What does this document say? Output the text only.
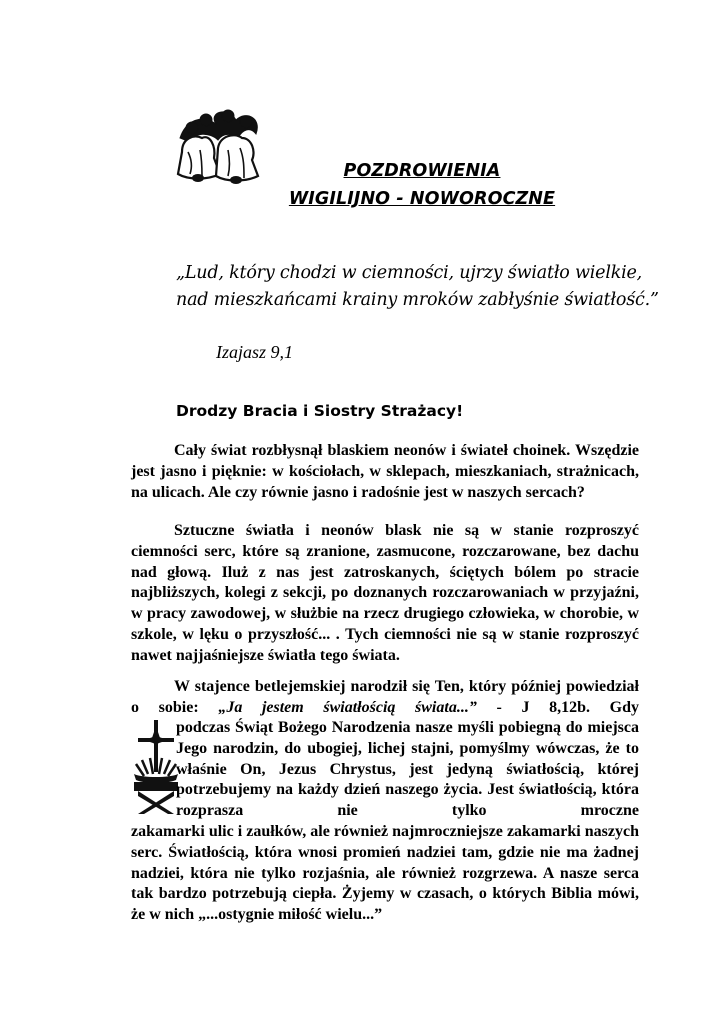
POZDROWIENIA
WIGILIJNO - NOWOROCZNE
„Lud, który chodzi w ciemności, ujrzy światło wielkie,
nad mieszkańcami krainy mroków zabłyśnie światłość.”
Izajasz 9,1
Drodzy Bracia i Siostry Strażacy!

Cały świat rozbłysnął blaskiem neonów i świateł choinek. Wszędzie jest jasno i pięknie: w kościołach, w sklepach, mieszkaniach, strażnicach, na ulicach. Ale czy równie jasno i radośnie jest w naszych sercach?

Sztuczne światła i neonów blask nie są w stanie rozproszyć ciemności serc, które są zranione, zasmucone, rozczarowane, bez dachu nad głową. Iluż z nas jest zatroskanych, ściętych bólem po stracie najbliższych, kolegi z sekcji, po doznanych rozczarowaniach w przyjaźni, w pracy zawodowej, w służbie na rzecz drugiego człowieka, w chorobie, w szkole, w lęku o przyszłość... . Tych ciemności nie są w stanie rozproszyć nawet najjaśniejsze światła tego świata.

W stajence betlejemskiej narodził się Ten, który później powiedział o sobie: „Ja jestem światłością świata...” - J 8,12b. Gdy

podczas Świąt Bożego Narodzenia nasze myśli pobiegną do miejsca Jego narodzin, do ubogiej, lichej stajni, pomyślmy wówczas, że to właśnie On, Jezus Chrystus, jest jedyną światłością, której potrzebujemy na każdy dzień naszego życia. Jest światłością, która rozprasza nie tylko mroczne

zakamarki ulic i zaułków, ale również najmroczniejsze zakamarki naszych serc. Światłością, która wnosi promień nadziei tam, gdzie nie ma żadnej nadziei, która nie tylko rozjaśnia, ale również rozgrzewa. A nasze serca tak bardzo potrzebują ciepła. Żyjemy w czasach, o których Biblia mówi, że w nich „...ostygnie miłość wielu...”
